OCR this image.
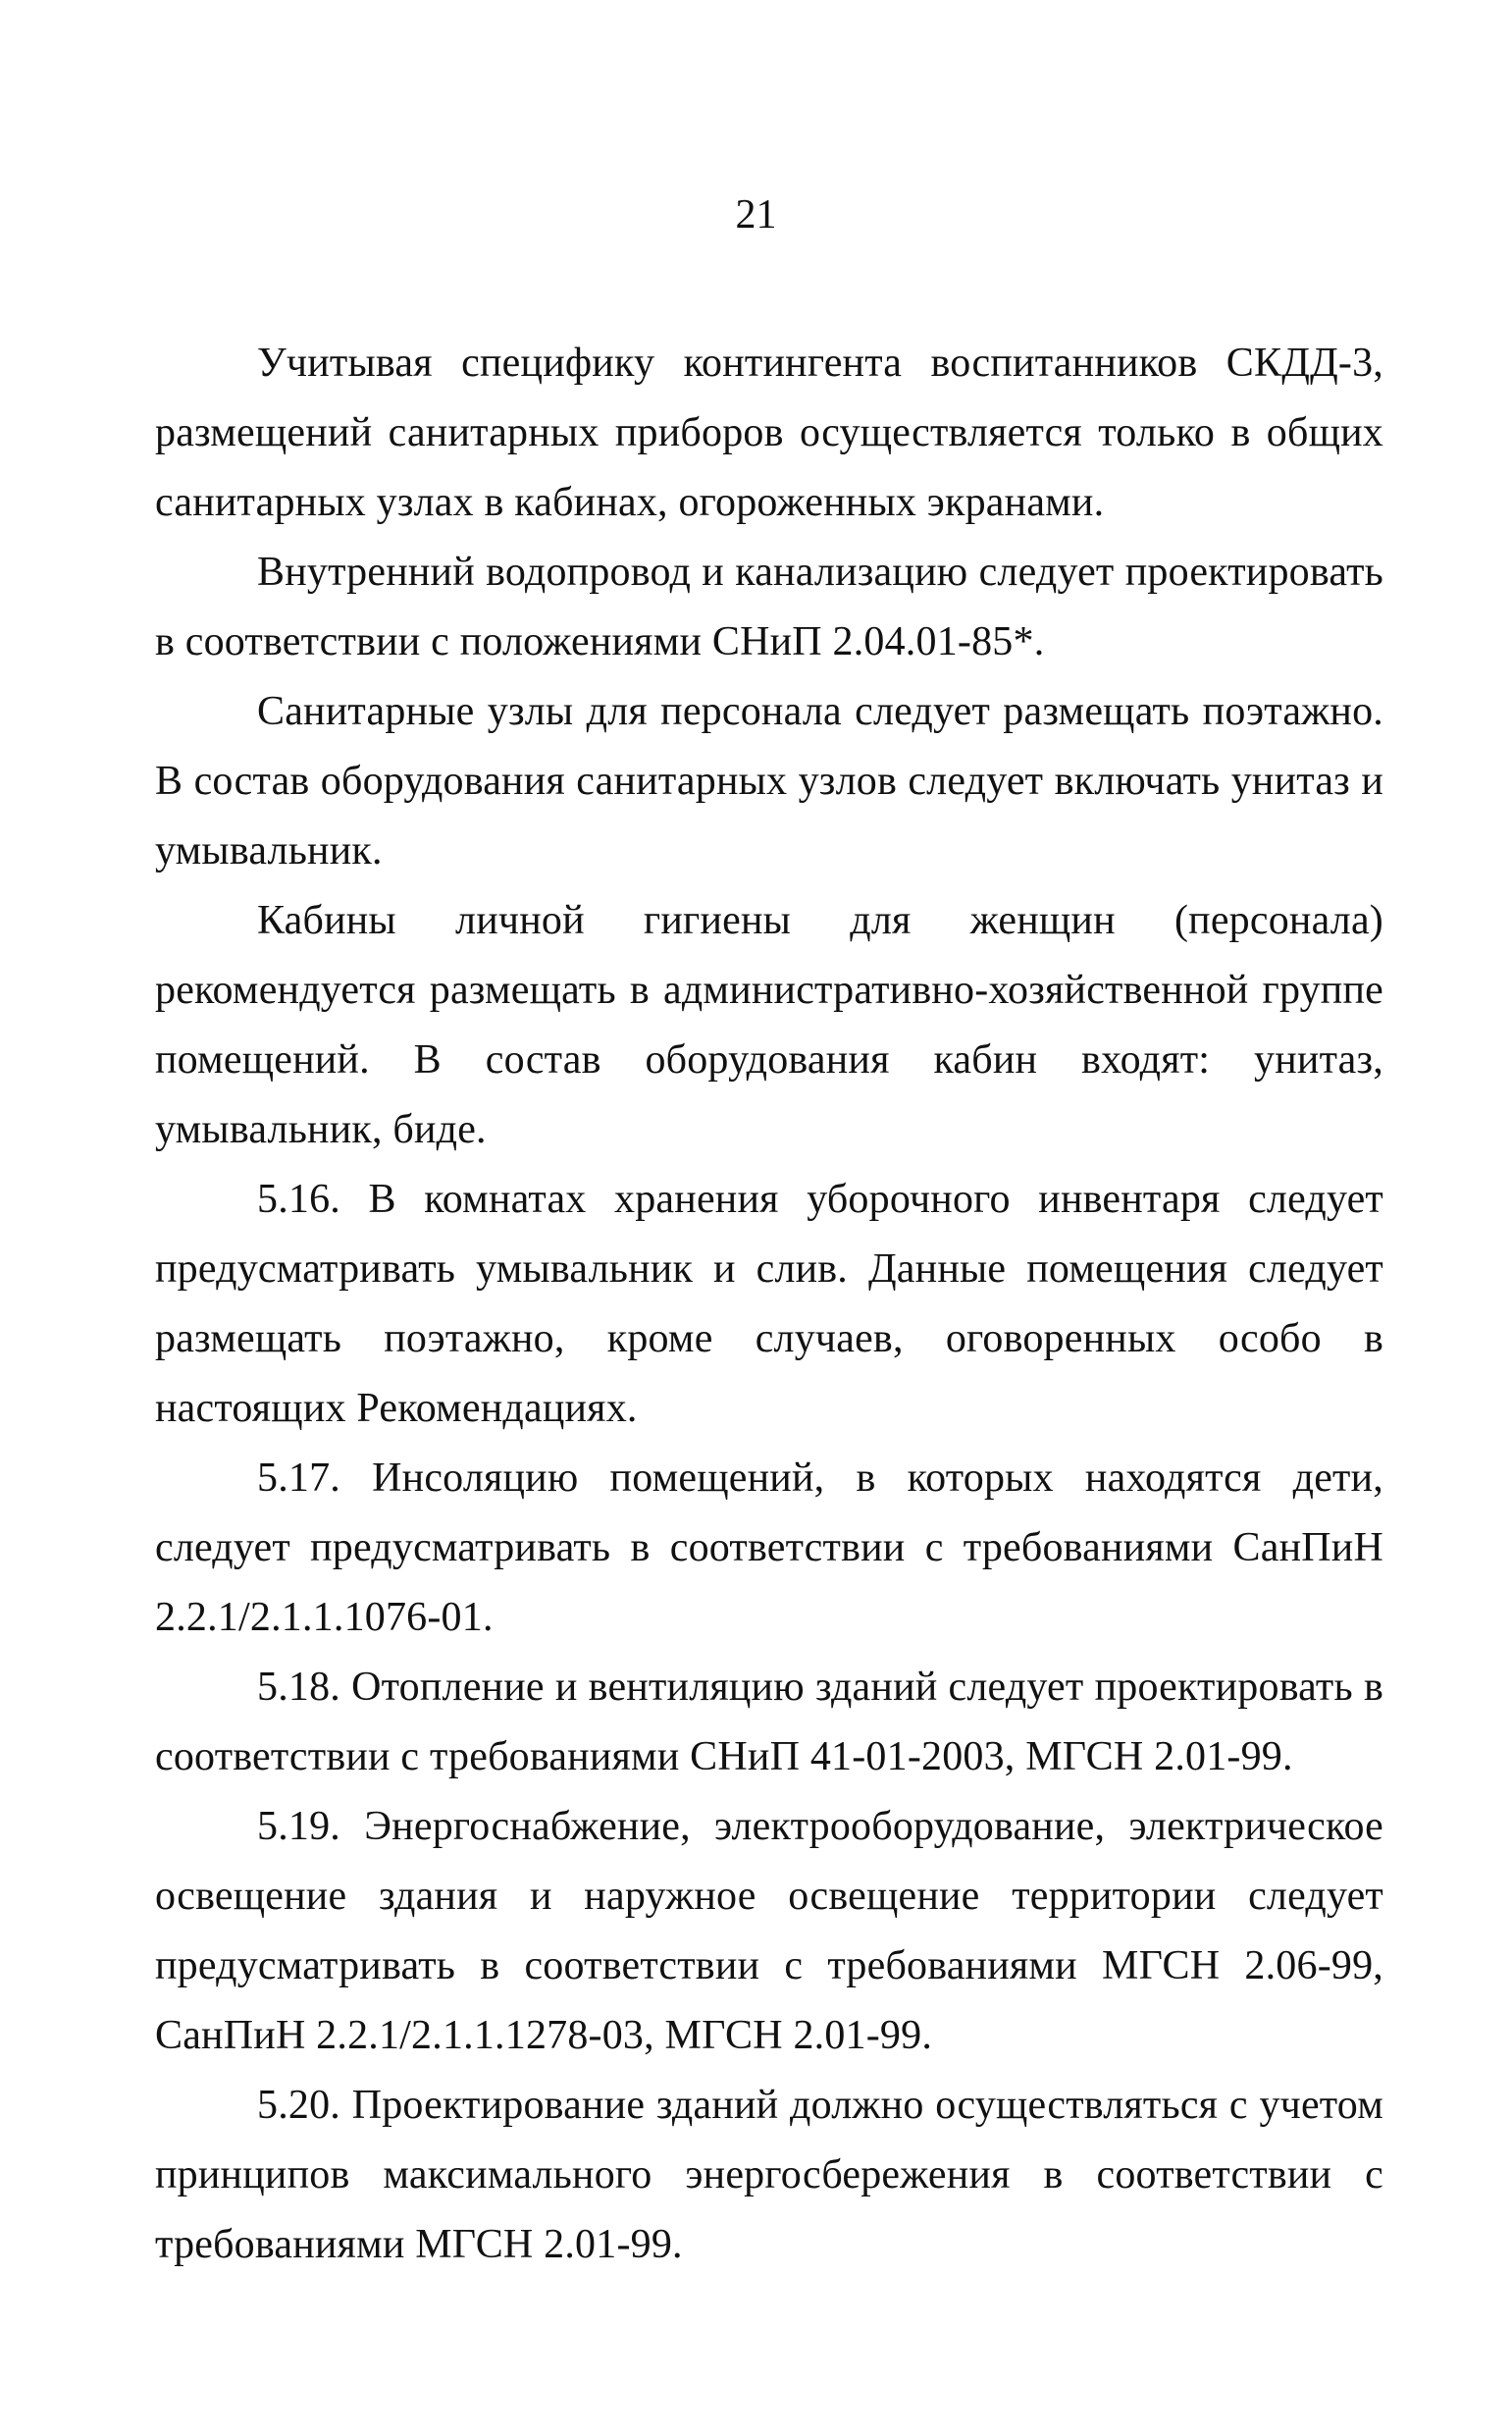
21

Учитывая специфику контингента воспитанников СКДД-3, размещений санитарных приборов осуществляется только в общих санитарных узлах в кабинах, огороженных экранами.

Внутренний водопровод и канализацию следует проектировать в соответствии с положениями СНиП 2.04.01-85*.

Санитарные узлы для персонала следует размещать поэтажно. В состав оборудования санитарных узлов следует включать унитаз и умывальник.

Кабины личной гигиены для женщин (персонала) рекомендуется размещать в административно-хозяйственной группе помещений. В состав оборудования кабин входят: унитаз, умывальник, биде.

5.16. В комнатах хранения уборочного инвентаря следует предусматривать умывальник и слив. Данные помещения следует размещать поэтажно, кроме случаев, оговоренных особо в настоящих Рекомендациях.

5.17. Инсоляцию помещений, в которых находятся дети, следует предусматривать в соответствии с требованиями СанПиН 2.2.1/2.1.1.1076-01.

5.18. Отопление и вентиляцию зданий следует проектировать в соответствии с требованиями СНиП 41-01-2003, МГСН 2.01-99.

5.19. Энергоснабжение, электрооборудование, электрическое освещение здания и наружное освещение территории следует предусматривать в соответствии с требованиями МГСН 2.06-99, СанПиН 2.2.1/2.1.1.1278-03, МГСН 2.01-99.

5.20. Проектирование зданий должно осуществляться с учетом принципов максимального энергосбережения в соответствии с требованиями МГСН 2.01-99.
